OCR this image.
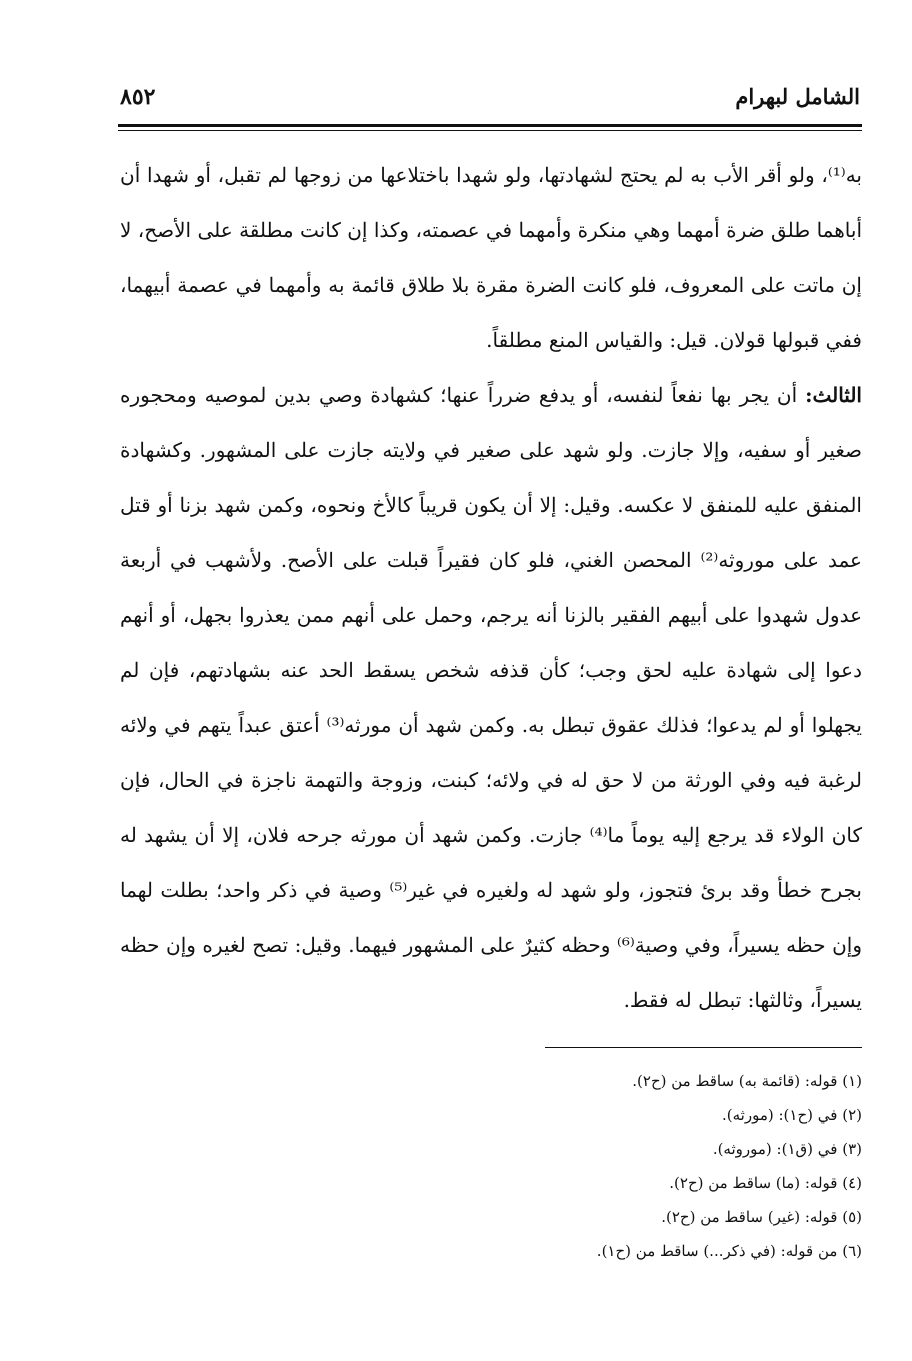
الشامل لبهرام
٨٥٢

به⁽¹⁾، ولو أقر الأب به لم يحتج لشهادتها، ولو شهدا باختلاعها من زوجها لم تقبل، أو شهدا أن أباهما طلق ضرة أمهما وهي منكرة وأمهما في عصمته، وكذا إن كانت مطلقة على الأصح، لا إن ماتت على المعروف، فلو كانت الضرة مقرة بلا طلاق قائمة به وأمهما في عصمة أبيهما، ففي قبولها قولان. قيل: والقياس المنع مطلقاً.

الثالث: أن يجر بها نفعاً لنفسه، أو يدفع ضرراً عنها؛ كشهادة وصي بدين لموصيه ومحجوره صغير أو سفيه، وإلا جازت. ولو شهد على صغير في ولايته جازت على المشهور. وكشهادة المنفق عليه للمنفق لا عكسه. وقيل: إلا أن يكون قريباً كالأخ ونحوه، وكمن شهد بزنا أو قتل عمد على موروثه⁽²⁾ المحصن الغني، فلو كان فقيراً قبلت على الأصح. ولأشهب في أربعة عدول شهدوا على أبيهم الفقير بالزنا أنه يرجم، وحمل على أنهم ممن يعذروا بجهل، أو أنهم دعوا إلى شهادة عليه لحق وجب؛ كأن قذفه شخص يسقط الحد عنه بشهادتهم، فإن لم يجهلوا أو لم يدعوا؛ فذلك عقوق تبطل به. وكمن شهد أن مورثه⁽³⁾ أعتق عبداً يتهم في ولائه لرغبة فيه وفي الورثة من لا حق له في ولائه؛ كبنت، وزوجة والتهمة ناجزة في الحال، فإن كان الولاء قد يرجع إليه يوماً ما⁽⁴⁾ جازت. وكمن شهد أن مورثه جرحه فلان، إلا أن يشهد له بجرح خطأ وقد برئ فتجوز، ولو شهد له ولغيره في غير⁽⁵⁾ وصية في ذكر واحد؛ بطلت لهما وإن حظه يسيراً، وفي وصية⁽⁶⁾ وحظه كثيرٌ على المشهور فيهما. وقيل: تصح لغيره وإن حظه يسيراً، وثالثها: تبطل له فقط.

(١) قوله: (قائمة به) ساقط من (ح٢).
(٢) في (ح١): (مورثه).
(٣) في (ق١): (موروثه).
(٤) قوله: (ما) ساقط من (ح٢).
(٥) قوله: (غير) ساقط من (ح٢).
(٦) من قوله: (في ذكر...) ساقط من (ح١).
